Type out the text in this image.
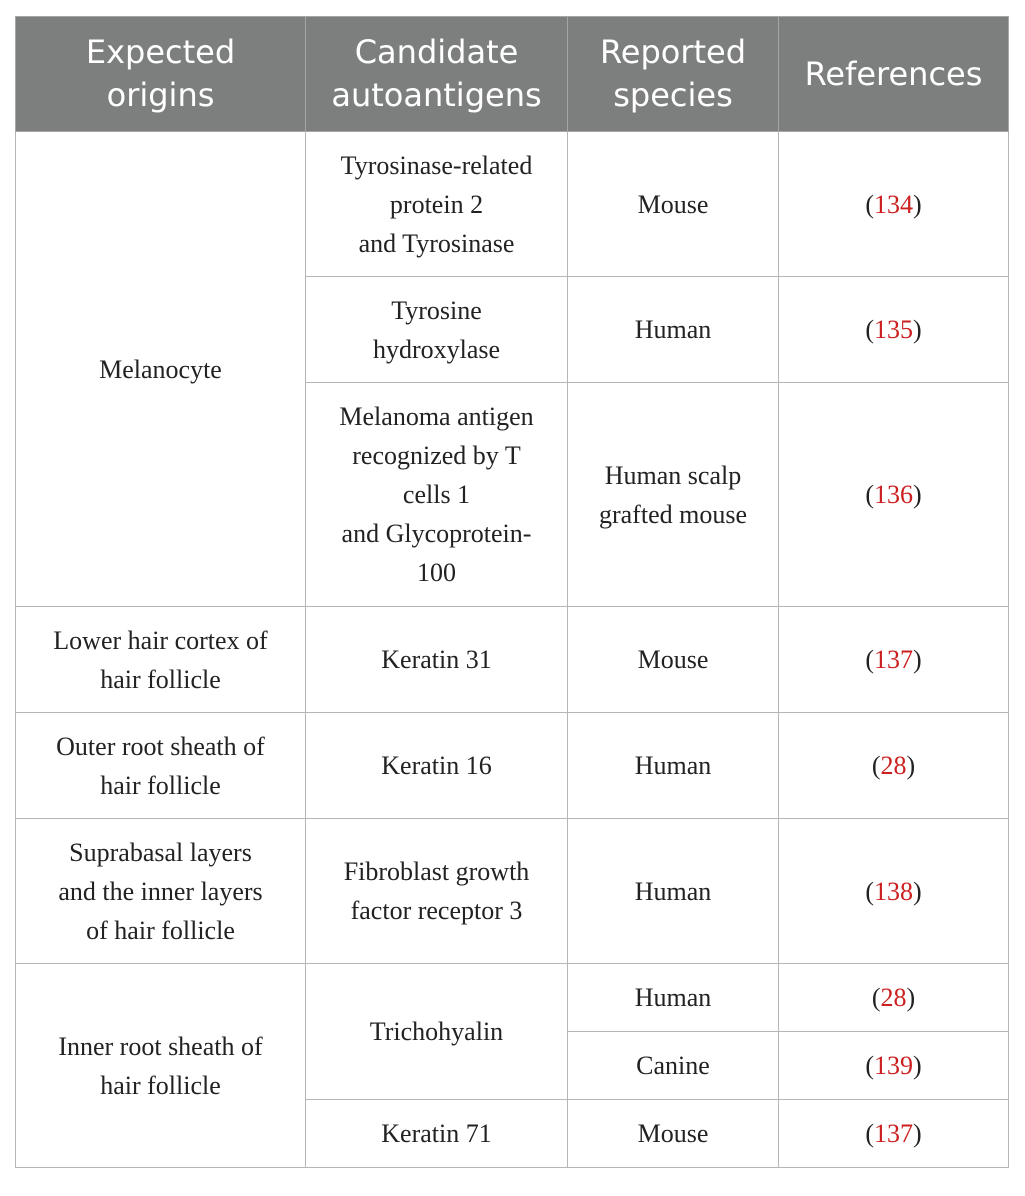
Expected
origins	Candidate
autoantigens	Reported
species	References
Melanocyte	Tyrosinase-related
protein 2
and Tyrosinase	Mouse	(134)
	Tyrosine
hydroxylase	Human	(135)
	Melanoma antigen
recognized by T
cells 1
and Glycoprotein-
100	Human scalp
grafted mouse	(136)
Lower hair cortex of
hair follicle	Keratin 31	Mouse	(137)
Outer root sheath of
hair follicle	Keratin 16	Human	(28)
Suprabasal layers
and the inner layers
of hair follicle	Fibroblast growth
factor receptor 3	Human	(138)
Inner root sheath of
hair follicle	Trichohyalin	Human	(28)
		Canine	(139)
	Keratin 71	Mouse	(137)
